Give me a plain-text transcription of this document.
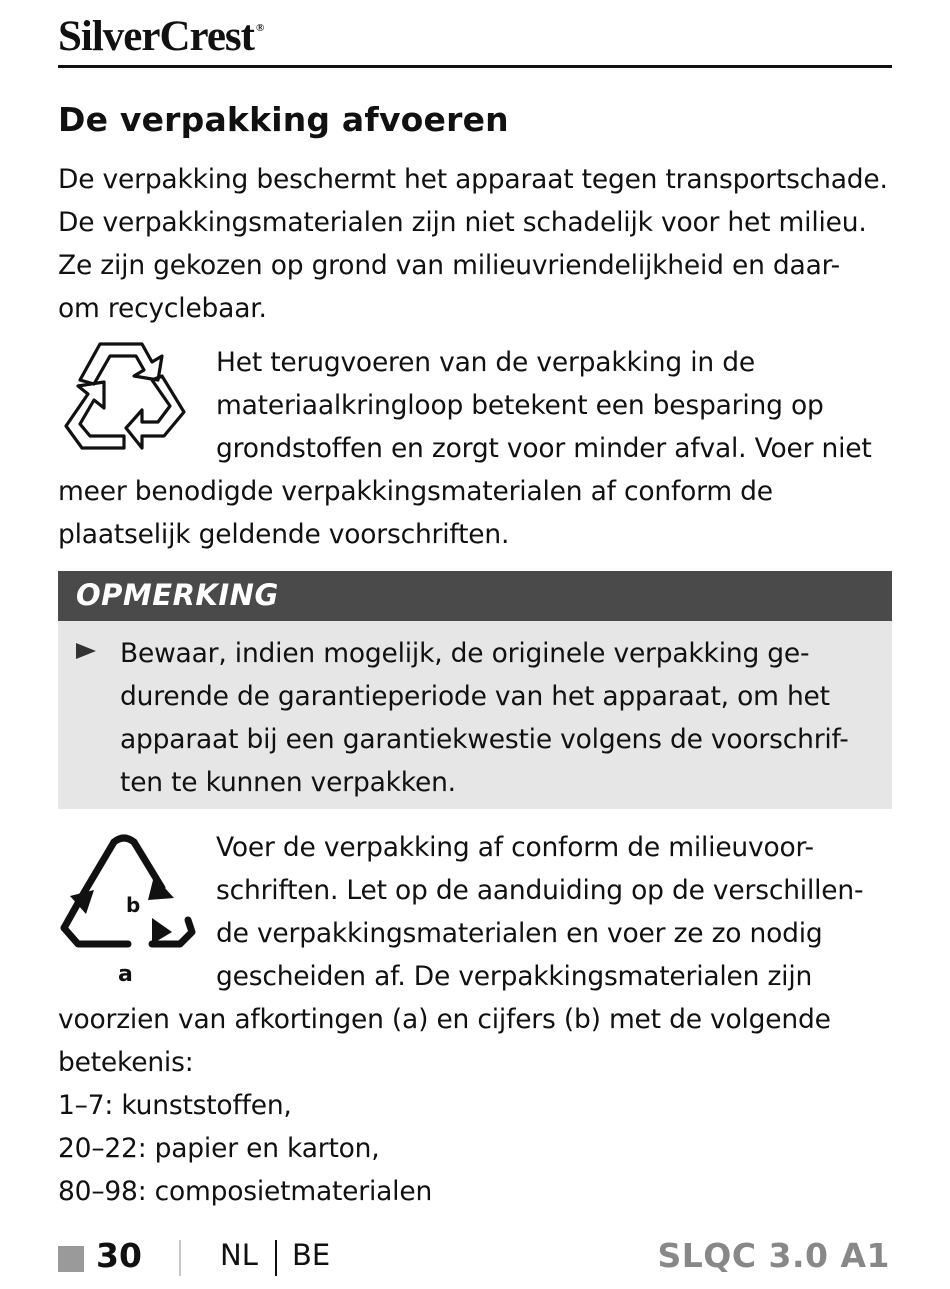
SilverCrest ®
De verpakking afvoeren
De verpakking beschermt het apparaat tegen transportschade.
De verpakkingsmaterialen zijn niet schadelijk voor het milieu.
Ze zijn gekozen op grond van milieuvriendelijkheid en daar-
om recyclebaar.
Het terugvoeren van de verpakking in de
materiaalkringloop betekent een besparing op
grondstoffen en zorgt voor minder afval. Voer niet
meer benodigde verpakkingsmaterialen af conform de
plaatselijk geldende voorschriften.
OPMERKING
Bewaar, indien mogelijk, de originele verpakking ge-
durende de garantieperiode van het apparaat, om het
apparaat bij een garantiekwestie volgens de voorschrif-
ten te kunnen verpakken.
b
a
Voer de verpakking af conform de milieuvoor-
schriften. Let op de aanduiding op de verschillen-
de verpakkingsmaterialen en voer ze zo nodig
gescheiden af. De verpakkingsmaterialen zijn
voorzien van afkortingen (a) en cijfers (b) met de volgende
betekenis:
1–7: kunststoffen,
20–22: papier en karton,
80–98: composietmaterialen
30	NL BE	SLQC 3.0 A1
